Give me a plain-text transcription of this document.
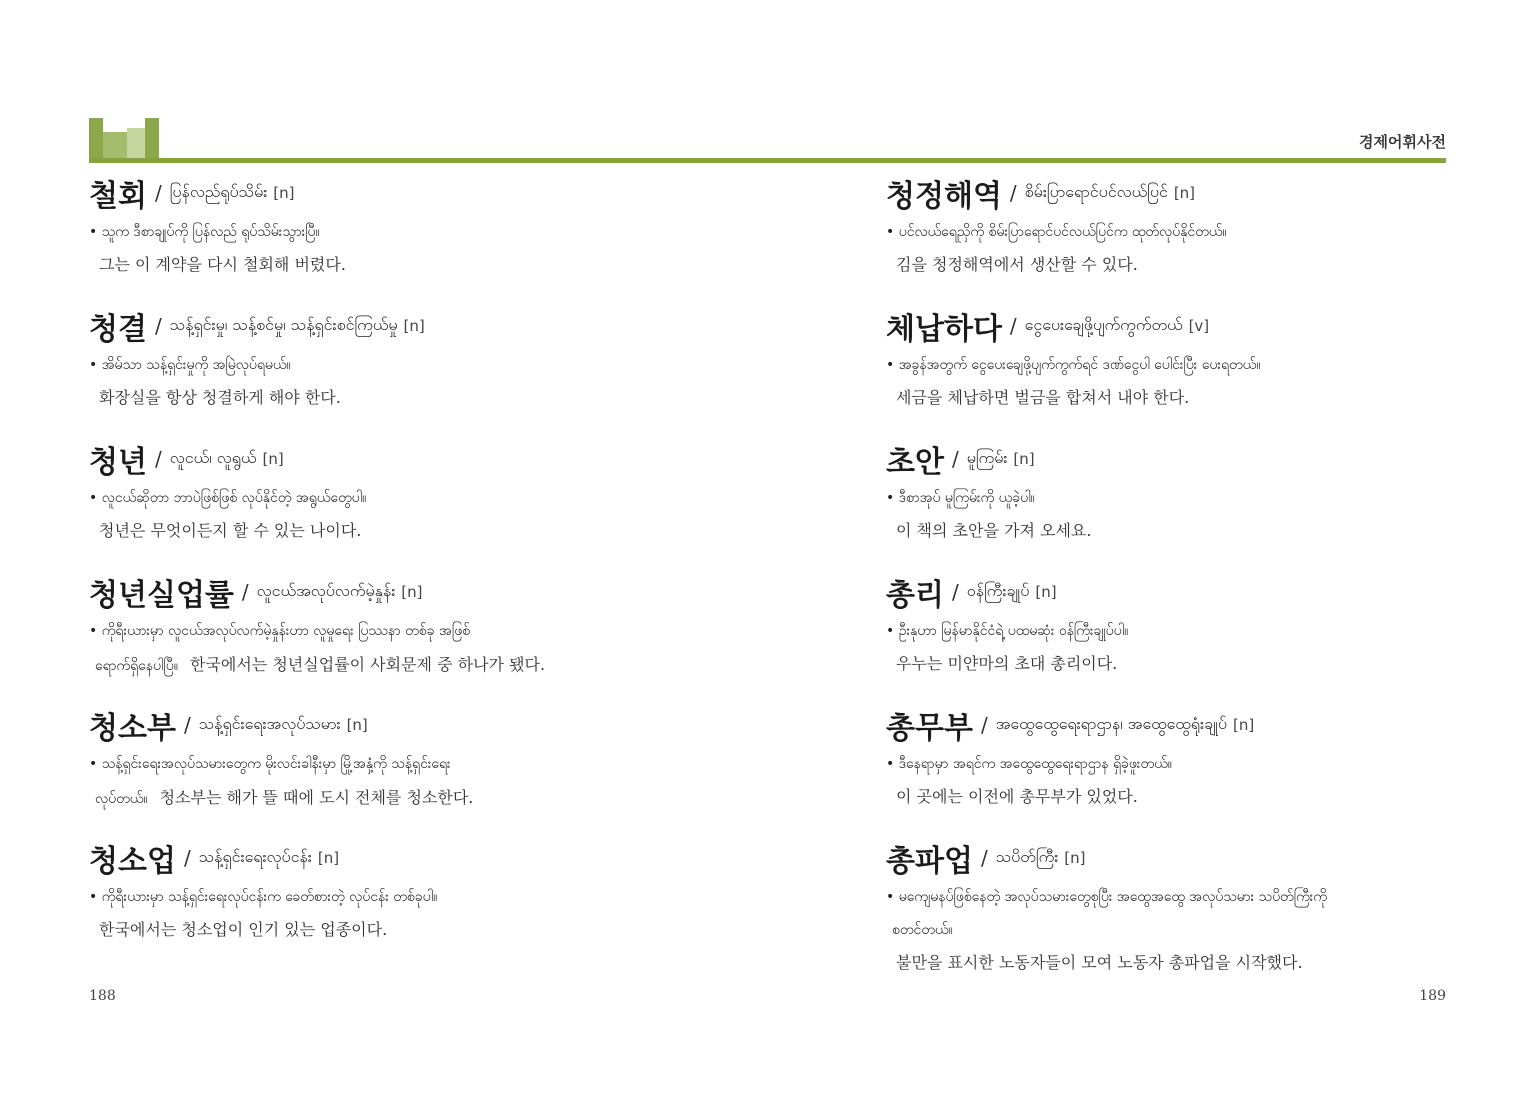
경제어휘사전
철회 / ပြန်လည်ရုပ်သိမ်း [n]
• သူက ဒီစာချုပ်ကို ပြန်လည် ရုပ်သိမ်းသွားပြီ။
그는 이 계약을 다시 철회해 버렸다.
청결 / သန့်ရှင်းမှု၊ သန့်စင်မှု၊ သန့်ရှင်းစင်ကြယ်မှု [n]
• အိမ်သာ သန့်ရှင်းမှုကို အမြဲလုပ်ရမယ်။
화장실을 항상 청결하게 해야 한다.
청년 / လူငယ်၊ လူရွယ် [n]
• လူငယ်ဆိုတာ ဘာပဲဖြစ်ဖြစ် လုပ်နိုင်တဲ့ အရွယ်တွေပါ။
청년은 무엇이든지 할 수 있는 나이다.
청년실업률 / လူငယ်အလုပ်လက်မဲ့နှုန်း [n]
• ကိုရီးယားမှာ လူငယ်အလုပ်လက်မဲ့နှုန်းဟာ လူမှုရေး ပြဿနာ တစ်ခု အဖြစ်
ရောက်ရှိနေပါပြီ။ 한국에서는 청년실업률이 사회문제 중 하나가 됐다.
청소부 / သန့်ရှင်းရေးအလုပ်သမား [n]
• သန့်ရှင်းရေးအလုပ်သမားတွေက မိုးလင်းခါနီးမှာ မြို့အနှံ့ကို သန့်ရှင်းရေး
လုပ်တယ်။ 청소부는 해가 뜰 때에 도시 전체를 청소한다.
청소업 / သန့်ရှင်းရေးလုပ်ငန်း [n]
• ကိုရီးယားမှာ သန့်ရှင်းရေးလုပ်ငန်းက ခေတ်စားတဲ့ လုပ်ငန်း တစ်ခုပါ။
한국에서는 청소업이 인기 있는 업종이다.
청정해역 / စိမ်းပြာရောင်ပင်လယ်ပြင် [n]
• ပင်လယ်ရေညှိကို စိမ်းပြာရောင်ပင်လယ်ပြင်က ထုတ်လုပ်နိုင်တယ်။
김을 청정해역에서 생산할 수 있다.
체납하다 / ငွေပေးချေဖို့ပျက်ကွက်တယ် [v]
• အခွန်အတွက် ငွေပေးချေဖို့ပျက်ကွက်ရင် ဒဏ်ငွေပါ ပေါင်းပြီး ပေးရတယ်။
세금을 체납하면 벌금을 합쳐서 내야 한다.
초안 / မူကြမ်း [n]
• ဒီစာအုပ် မူကြမ်းကို ယူခဲ့ပါ။
이 책의 초안을 가져 오세요.
총리 / ဝန်ကြီးချုပ် [n]
• ဦးနုဟာ မြန်မာနိုင်ငံရဲ့ ပထမဆုံး ဝန်ကြီးချုပ်ပါ။
우누는 미얀마의 초대 총리이다.
총무부 / အထွေထွေရေးရာဌာန၊ အထွေထွေရုံးချုပ် [n]
• ဒီနေရာမှာ အရင်က အထွေထွေရေးရာဌာန ရှိခဲ့ဖူးတယ်။
이 곳에는 이전에 총무부가 있었다.
총파업 / သပိတ်ကြီး [n]
• မကျေမနပ်ဖြစ်နေတဲ့ အလုပ်သမားတွေစုပြီး အထွေအထွေ အလုပ်သမား သပိတ်ကြီးကို
စတင်တယ်။
불만을 표시한 노동자들이 모여 노동자 총파업을 시작했다.
188	189
